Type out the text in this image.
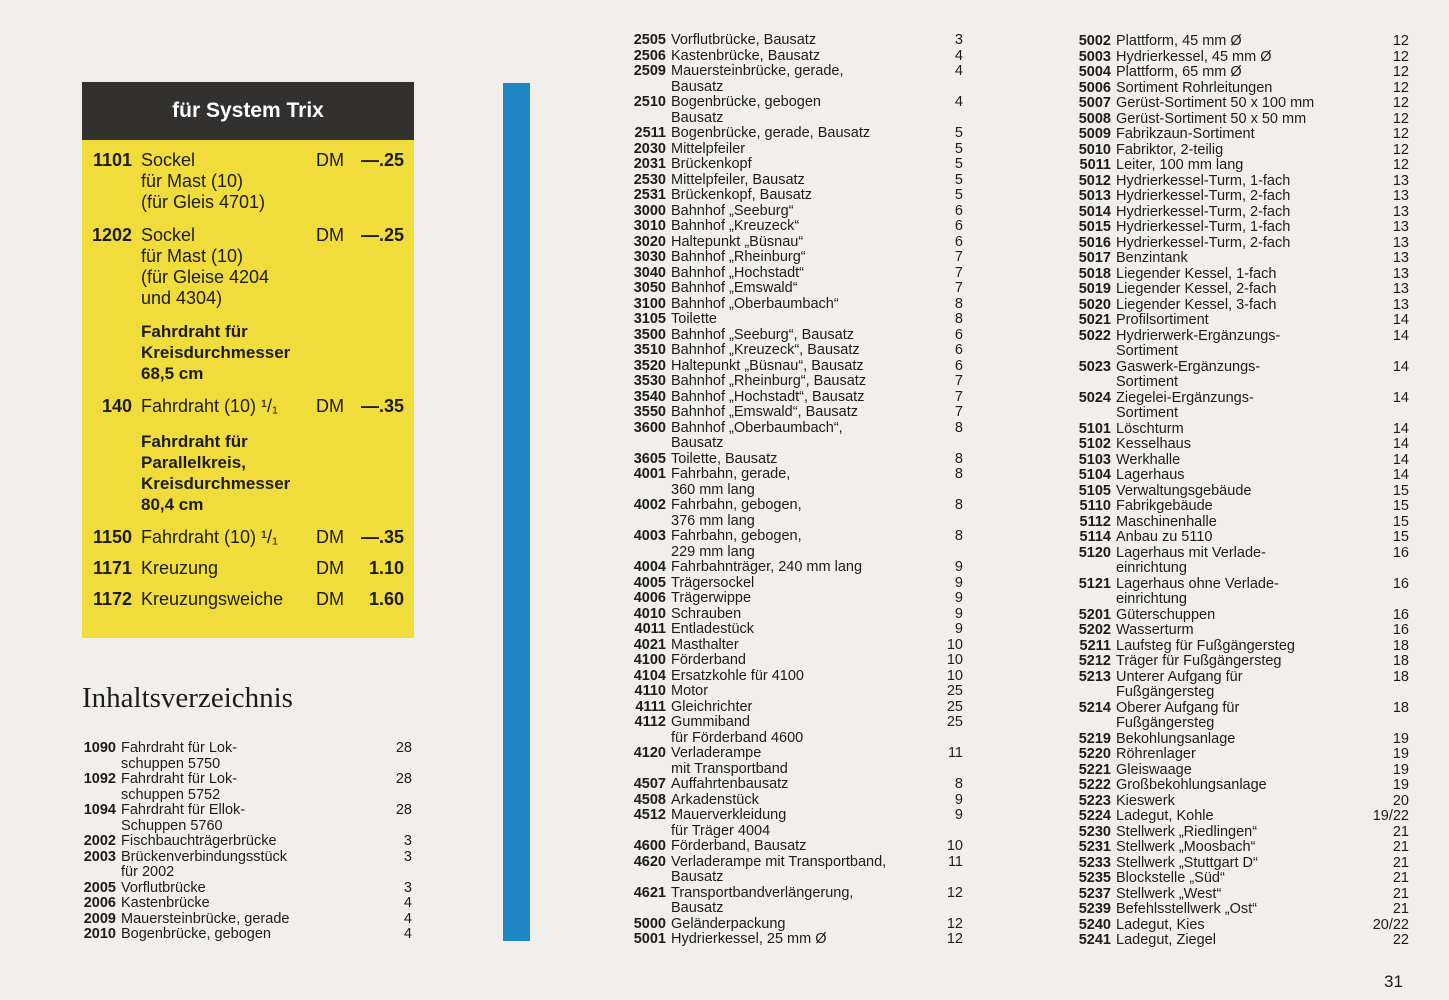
für System Trix
1101 Sockel	DM —.25
für Mast (10)
(für Gleis 4701)
1202 Sockel	DM —.25
für Mast (10)
(für Gleise 4204
und 4304)
Fahrdraht für Kreisdurchmesser 68,5 cm
140 Fahrdraht (10) ¹/₁	DM —.35
Fahrdraht für Parallelkreis, Kreisdurchmesser 80,4 cm
1150 Fahrdraht (10) ¹/₁	DM —.35
1171 Kreuzung	DM	1.10
1172 Kreuzungsweiche	DM	1.60
Inhaltsverzeichnis
1090 Fahrdraht für Lok-	28
schuppen 5750
1092 Fahrdraht für Lok-	28
schuppen 5752
1094 Fahrdraht für Ellok-	28
Schuppen 5760
2002 Fischbauchträgerbrücke	3
2003 Brückenverbindungsstück	3
für 2002
2005 Vorflutbrücke	3
2006 Kastenbrücke	4
2009 Mauersteinbrücke, gerade	4
2010 Bogenbrücke, gebogen	4
2505 Vorflutbrücke, Bausatz	3
2506 Kastenbrücke, Bausatz	4
2509 Mauersteinbrücke, gerade,	4
Bausatz
2510 Bogenbrücke, gebogen	4
Bausatz
2511 Bogenbrücke, gerade, Bausatz	5
2030 Mittelpfeiler	5
2031 Brückenkopf	5
2530 Mittelpfeiler, Bausatz	5
2531 Brückenkopf, Bausatz	5
3000 Bahnhof „Seeburg“	6
3010 Bahnhof „Kreuzeck“	6
3020 Haltepunkt „Büsnau“	6
3030 Bahnhof „Rheinburg“	7
3040 Bahnhof „Hochstadt“	7
3050 Bahnhof „Emswald“	7
3100 Bahnhof „Oberbaumbach“	8
3105 Toilette	8
3500 Bahnhof „Seeburg“, Bausatz	6
3510 Bahnhof „Kreuzeck“, Bausatz	6
3520 Haltepunkt „Büsnau“, Bausatz	6
3530 Bahnhof „Rheinburg“, Bausatz	7
3540 Bahnhof „Hochstadt“, Bausatz	7
3550 Bahnhof „Emswald“, Bausatz	7
3600 Bahnhof „Oberbaumbach“,	8
Bausatz
3605 Toilette, Bausatz	8
4001 Fahrbahn, gerade,	8
360 mm lang
4002 Fahrbahn, gebogen,	8
376 mm lang
4003 Fahrbahn, gebogen,	8
229 mm lang
4004 Fahrbahnträger, 240 mm lang	9
4005 Trägersockel	9
4006 Trägerwippe	9
4010 Schrauben	9
4011 Entladestück	9
4021 Masthalter	10
4100 Förderband	10
4104 Ersatzkohle für 4100	10
4110 Motor	25
4111 Gleichrichter	25
4112 Gummiband	25
für Förderband 4600
4120 Verladerampe	11
mit Transportband
4507 Auffahrtenbausatz	8
4508 Arkadenstück	9
4512 Mauerverkleidung	9
für Träger 4004
4600 Förderband, Bausatz	10
4620 Verladerampe mit Transportband,	11
Bausatz
4621 Transportbandverlängerung,	12
Bausatz
5000 Geländerpackung	12
5001 Hydrierkessel, 25 mm Ø	12
5002 Plattform, 45 mm Ø	12
5003 Hydrierkessel, 45 mm Ø	12
5004 Plattform, 65 mm Ø	12
5006 Sortiment Rohrleitungen	12
5007 Gerüst-Sortiment 50 x 100 mm	12
5008 Gerüst-Sortiment 50 x 50 mm	12
5009 Fabrikzaun-Sortiment	12
5010 Fabriktor, 2-teilig	12
5011 Leiter, 100 mm lang	12
5012 Hydrierkessel-Turm, 1-fach	13
5013 Hydrierkessel-Turm, 2-fach	13
5014 Hydrierkessel-Turm, 2-fach	13
5015 Hydrierkessel-Turm, 1-fach	13
5016 Hydrierkessel-Turm, 2-fach	13
5017 Benzintank	13
5018 Liegender Kessel, 1-fach	13
5019 Liegender Kessel, 2-fach	13
5020 Liegender Kessel, 3-fach	13
5021 Profilsortiment	14
5022 Hydrierwerk-Ergänzungs-	14
Sortiment
5023 Gaswerk-Ergänzungs-	14
Sortiment
5024 Ziegelei-Ergänzungs-	14
Sortiment
5101 Löschturm	14
5102 Kesselhaus	14
5103 Werkhalle	14
5104 Lagerhaus	14
5105 Verwaltungsgebäude	15
5110 Fabrikgebäude	15
5112 Maschinenhalle	15
5114 Anbau zu 5110	15
5120 Lagerhaus mit Verlade-	16
einrichtung
5121 Lagerhaus ohne Verlade-	16
einrichtung
5201 Güterschuppen	16
5202 Wasserturm	16
5211 Laufsteg für Fußgängersteg	18
5212 Träger für Fußgängersteg	18
5213 Unterer Aufgang für	18
Fußgängersteg
5214 Oberer Aufgang für	18
Fußgängersteg
5219 Bekohlungsanlage	19
5220 Röhrenlager	19
5221 Gleiswaage	19
5222 Großbekohlungsanlage	19
5223 Kieswerk	20
5224 Ladegut, Kohle	19/22
5230 Stellwerk „Riedlingen“	21
5231 Stellwerk „Moosbach“	21
5233 Stellwerk „Stuttgart D“	21
5235 Blockstelle „Süd“	21
5237 Stellwerk „West“	21
5239 Befehlsstellwerk „Ost“	21
5240 Ladegut, Kies	20/22
5241 Ladegut, Ziegel	22
31
